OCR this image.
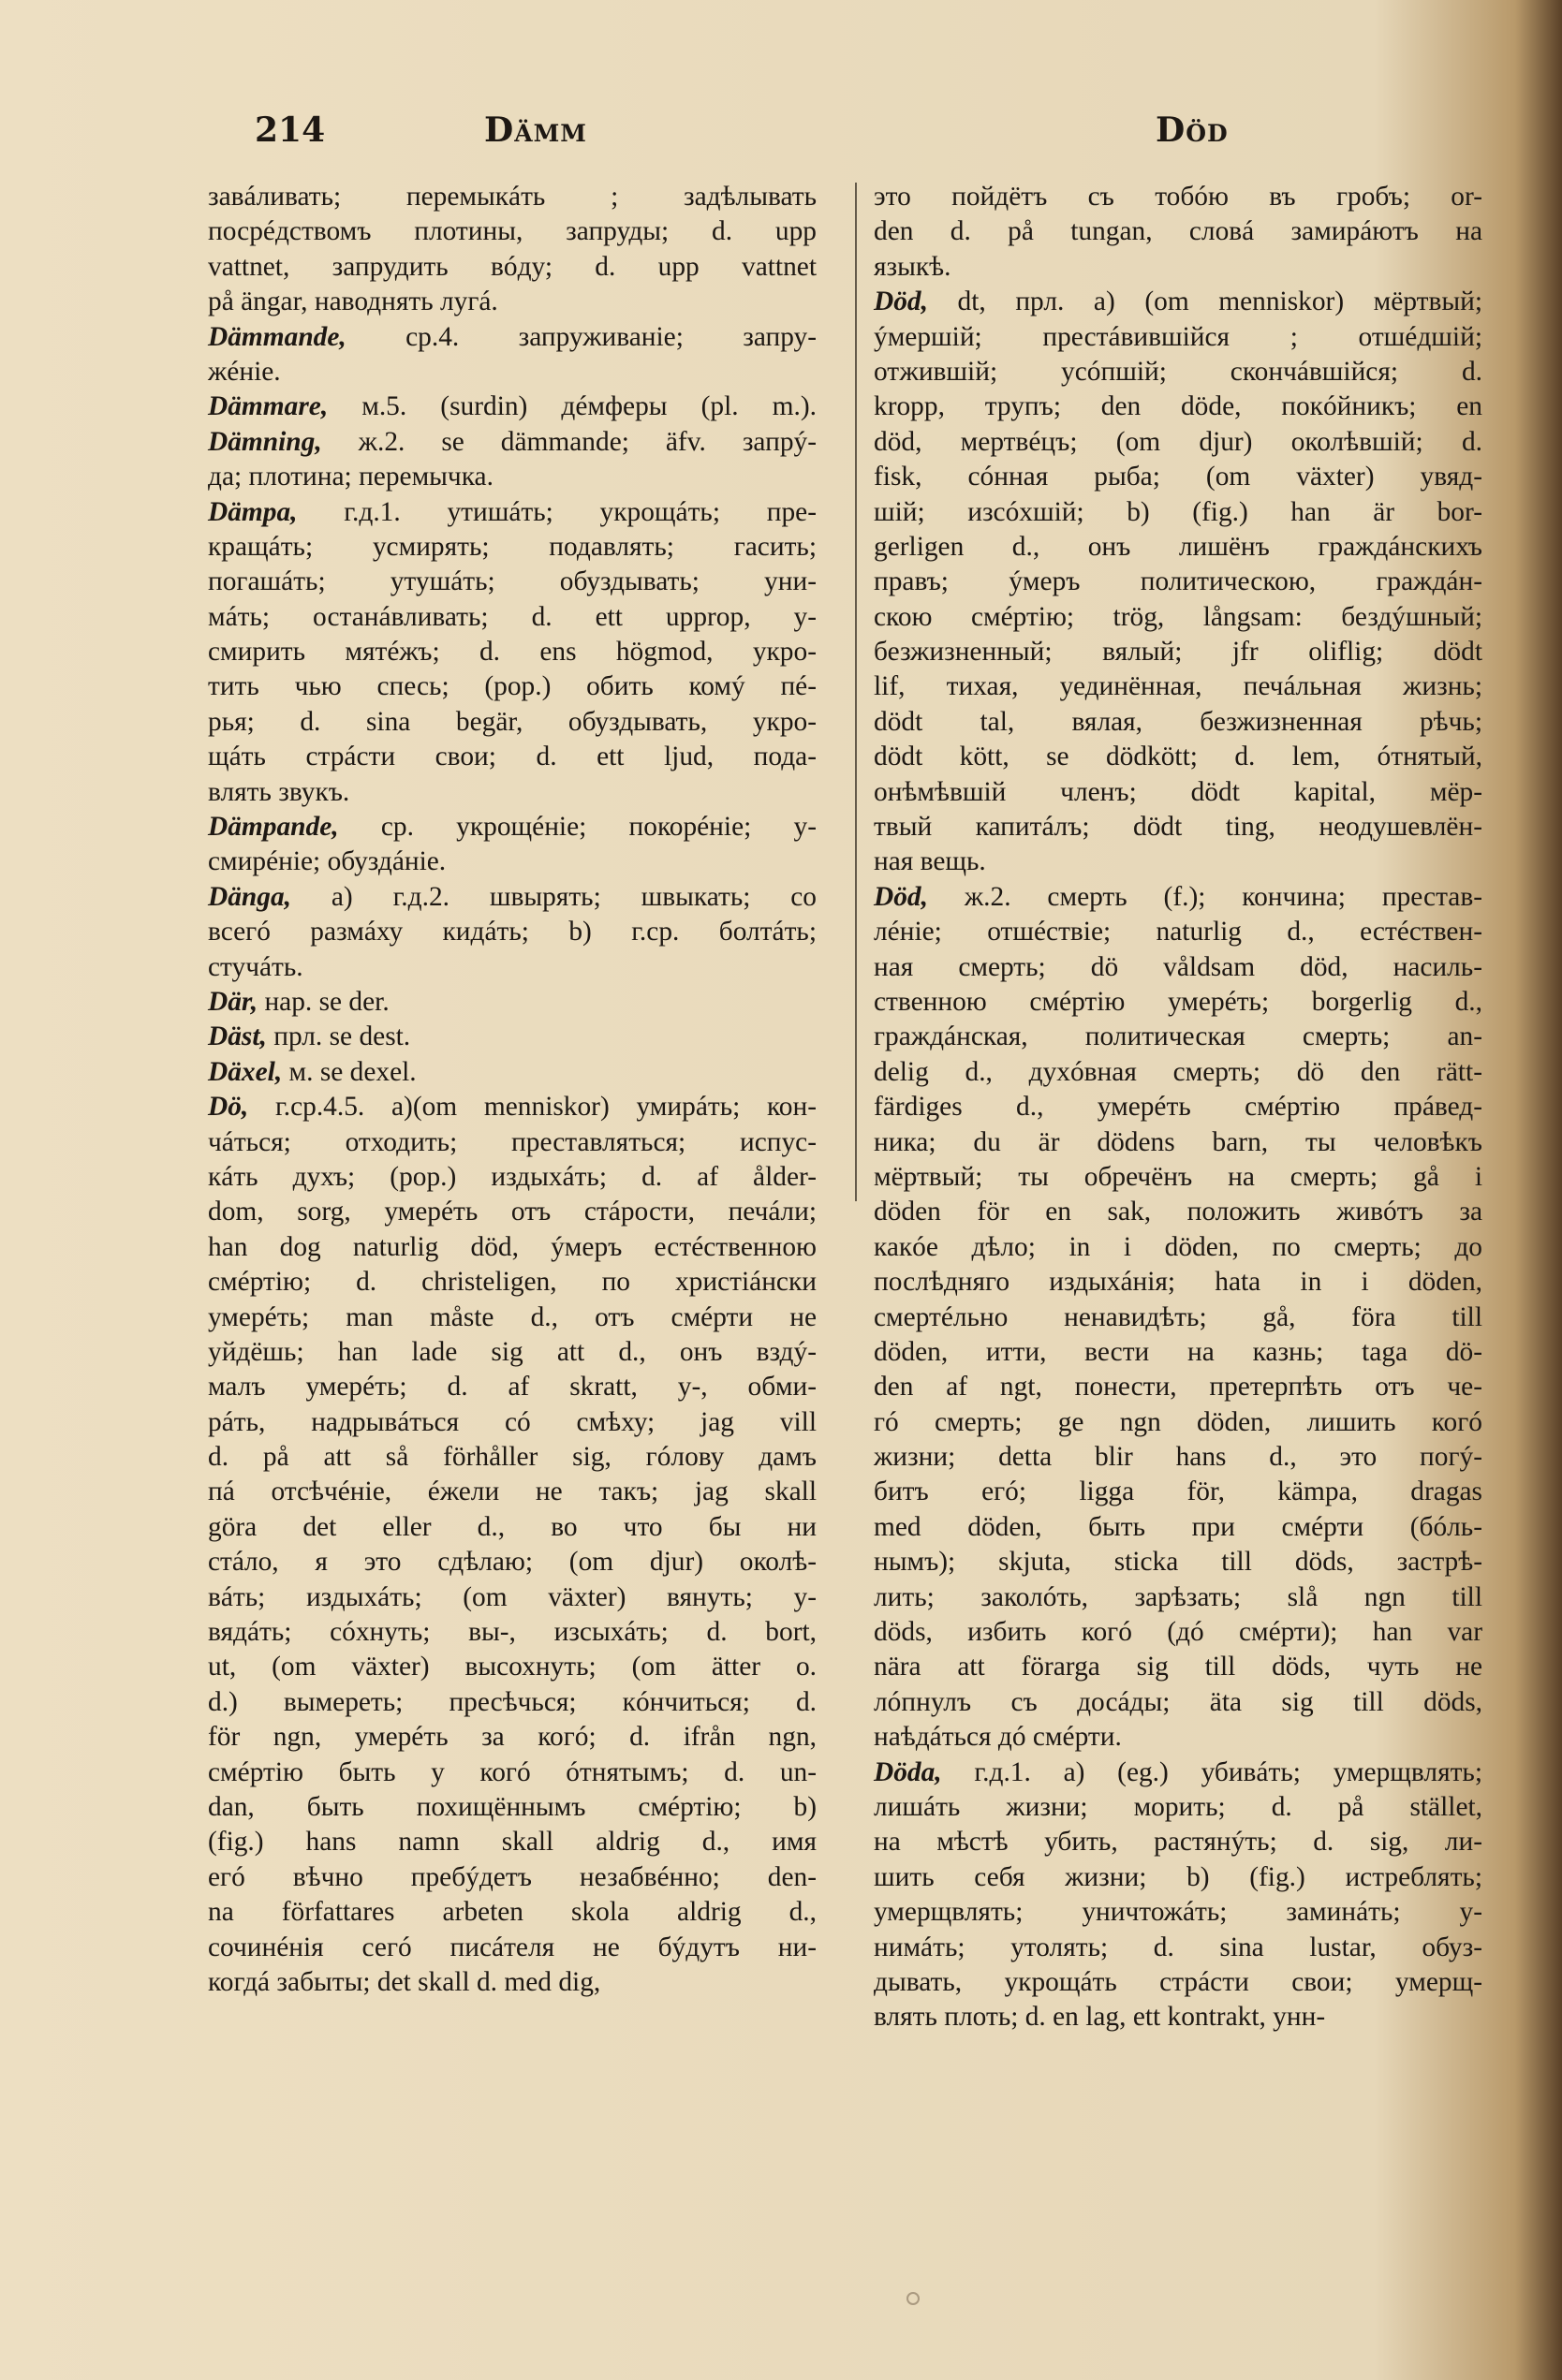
214	Dämm	Död
завáливать; перемыкáть ; задѣлывать
посрéдствомъ плотины, запруды; d. upp
vattnet, запрудить вóду; d. upp vattnet
på ängar, наводнять лугá.
Dämmande, ср.4. запруживаніе; запру-
жéніе.
Dämmare, м.5. (surdin) дéмферы (pl. m.).
Dämning, ж.2. se dämmande; äfv. запрý-
да; плотина; перемычка.
Dämpa, г.д.1. утишáть; укрощáть; пре-
кращáть; усмирять; подавлять; гасить;
погашáть; утушáть; обуздывать; уни-
мáть; останáвливать; d. ett upprор, у-
смирить мятéжъ; d. ens högmod, укро-
тить чью спесь; (рор.) обить комý пé-
рья; d. sina begär, обуздывать, укро-
щáть стрáсти свои; d. ett ljud, пода-
влять звукъ.
Dämpande, ср. укрощéніе; покорéніе; у-
смирéніе; обуздáніе.
Dänga, a) г.д.2. швырять; швыкать; со
всегó размáху кидáть; b) г.ср. болтáть;
стучáть.
Där, нар. se der.
Däst, прл. se dest.
Däxel, м. se dexel.
Dö, г.ср.4.5. a)(om menniskor) умирáть; кон-
чáться; отходить; преставляться; испус-
кáть духъ; (рор.) издыхáть; d. af ålder-
dom, sorg, умерéть отъ стáрости, печáли;
han dog naturlig död, ýмеръ естéственною
смéртію; d. christeligen, по христiáнски
умерéть; man måste d., отъ смéрти не
уйдёшь; han lade sig att d., онъ вздý-
малъ умерéть; d. af skratt, у-, обми-
рáть, надрывáться сó смѣху; jag vill
d. på att så förhåller sig, гóлову дамъ
пá отсѣчéніе, éжели не такъ; jag skall
göra det eller d., во что бы ни
стáло, я это сдѣлаю; (om djur) околѣ-
вáть; издыхáть; (om växter) вянуть; у-
вядáть; сóхнуть; вы-, изсыхáть; d. bort,
ut, (om växter) высохнуть; (om ätter o.
d.) вымереть; пресѣчься; кóнчиться; d.
för ngn, умерéть за когó; d. ifrån ngn,
смéртію быть у когó óтнятымъ; d. un-
dan, быть похищённымъ смéртію; b)
(fig.) hans namn skall aldrig d., имя
егó вѣчно пребýдетъ незабвéнно; den-
na författares arbeten skola aldrig d.,
сочинéнія сегó писáтеля не бýдутъ ни-
когдá забыты; det skall d. med dig,
это пойдётъ съ тобóю въ гробъ; or-
den d. på tungan, словá замирáютъ на
языкѣ.
Död, dt, прл. a) (om menniskor) мёртвый;
ýмершій; престáвившійся ; отшéдшій;
отжившій; усóпшій; скончáвшійся; d.
kropp, трупъ; den döde, покóйникъ; en
död, мертвéцъ; (om djur) околѣвшій; d.
fisk, сóнная рыба; (om växter) увяд-
шій; изсóхшій; b) (fig.) han är bor-
gerligen d., онъ лишёнъ граждáнскихъ
правъ; ýмеръ политическою, граждáн-
скою смéртію; trög, långsam: бездýшный;
безжизненный; вялый; jfr oliflig; dödt
lif, тихая, уединённая, печáльная жизнь;
dödt tal, вялая, безжизненная рѣчь;
dödt kött, se dödkött; d. lem, óтнятый,
онѣмѣвшій членъ; dödt kapital, мёр-
твый капитáлъ; dödt ting, неодушевлён-
ная вещь.
Död, ж.2. смерть (f.); кончина; престав-
лéніе; отшéствіе; naturlig d., естéствен-
ная смерть; dö våldsam död, насиль-
ственною смéртію умерéть; borgerlig d.,
граждáнская, политическая смерть; an-
delig d., духóвная смерть; dö den rätt-
färdiges d., умерéть смéртію прáвед-
ника; du är dödens barn, ты человѣкъ
мёртвый; ты обречёнъ на смерть; gå i
döden för en sak, положить живóтъ за
какóе дѣло; in i döden, по смерть; до
послѣдняго издыхáнія; hata in i döden,
смертéльно ненавидѣть; gå, föra till
döden, итти, вести на казнь; taga dö-
den af ngt, понести, претерпѣть отъ че-
гó смерть; ge ngn döden, лишить когó
жизни; detta blir hans d., это погý-
битъ егó; ligga för, kämpa, dragas
med döden, быть при смéрти (бóль-
нымъ); skjuta, sticka till döds, застрѣ-
лить; заколóть, зарѣзать; slå ngn till
döds, избить когó (дó смéрти); han var
nära att förarga sig till döds, чуть не
лóпнулъ съ досáды; äta sig till döds,
наѣдáться дó смéрти.
Döda, г.д.1. a) (eg.) убивáть; умерщвлять;
лишáть жизни; морить; d. på stället,
на мѣстѣ убить, растянýть; d. sig, ли-
шить себя жизни; b) (fig.) истреблять;
умерщвлять; уничтожáть; заминáть; у-
нимáть; утолять; d. sina lustar, обуз-
дывать, укрощáть стрáсти свои; умерщ-
влять плоть; d. en lag, ett kontrakt, унн-
